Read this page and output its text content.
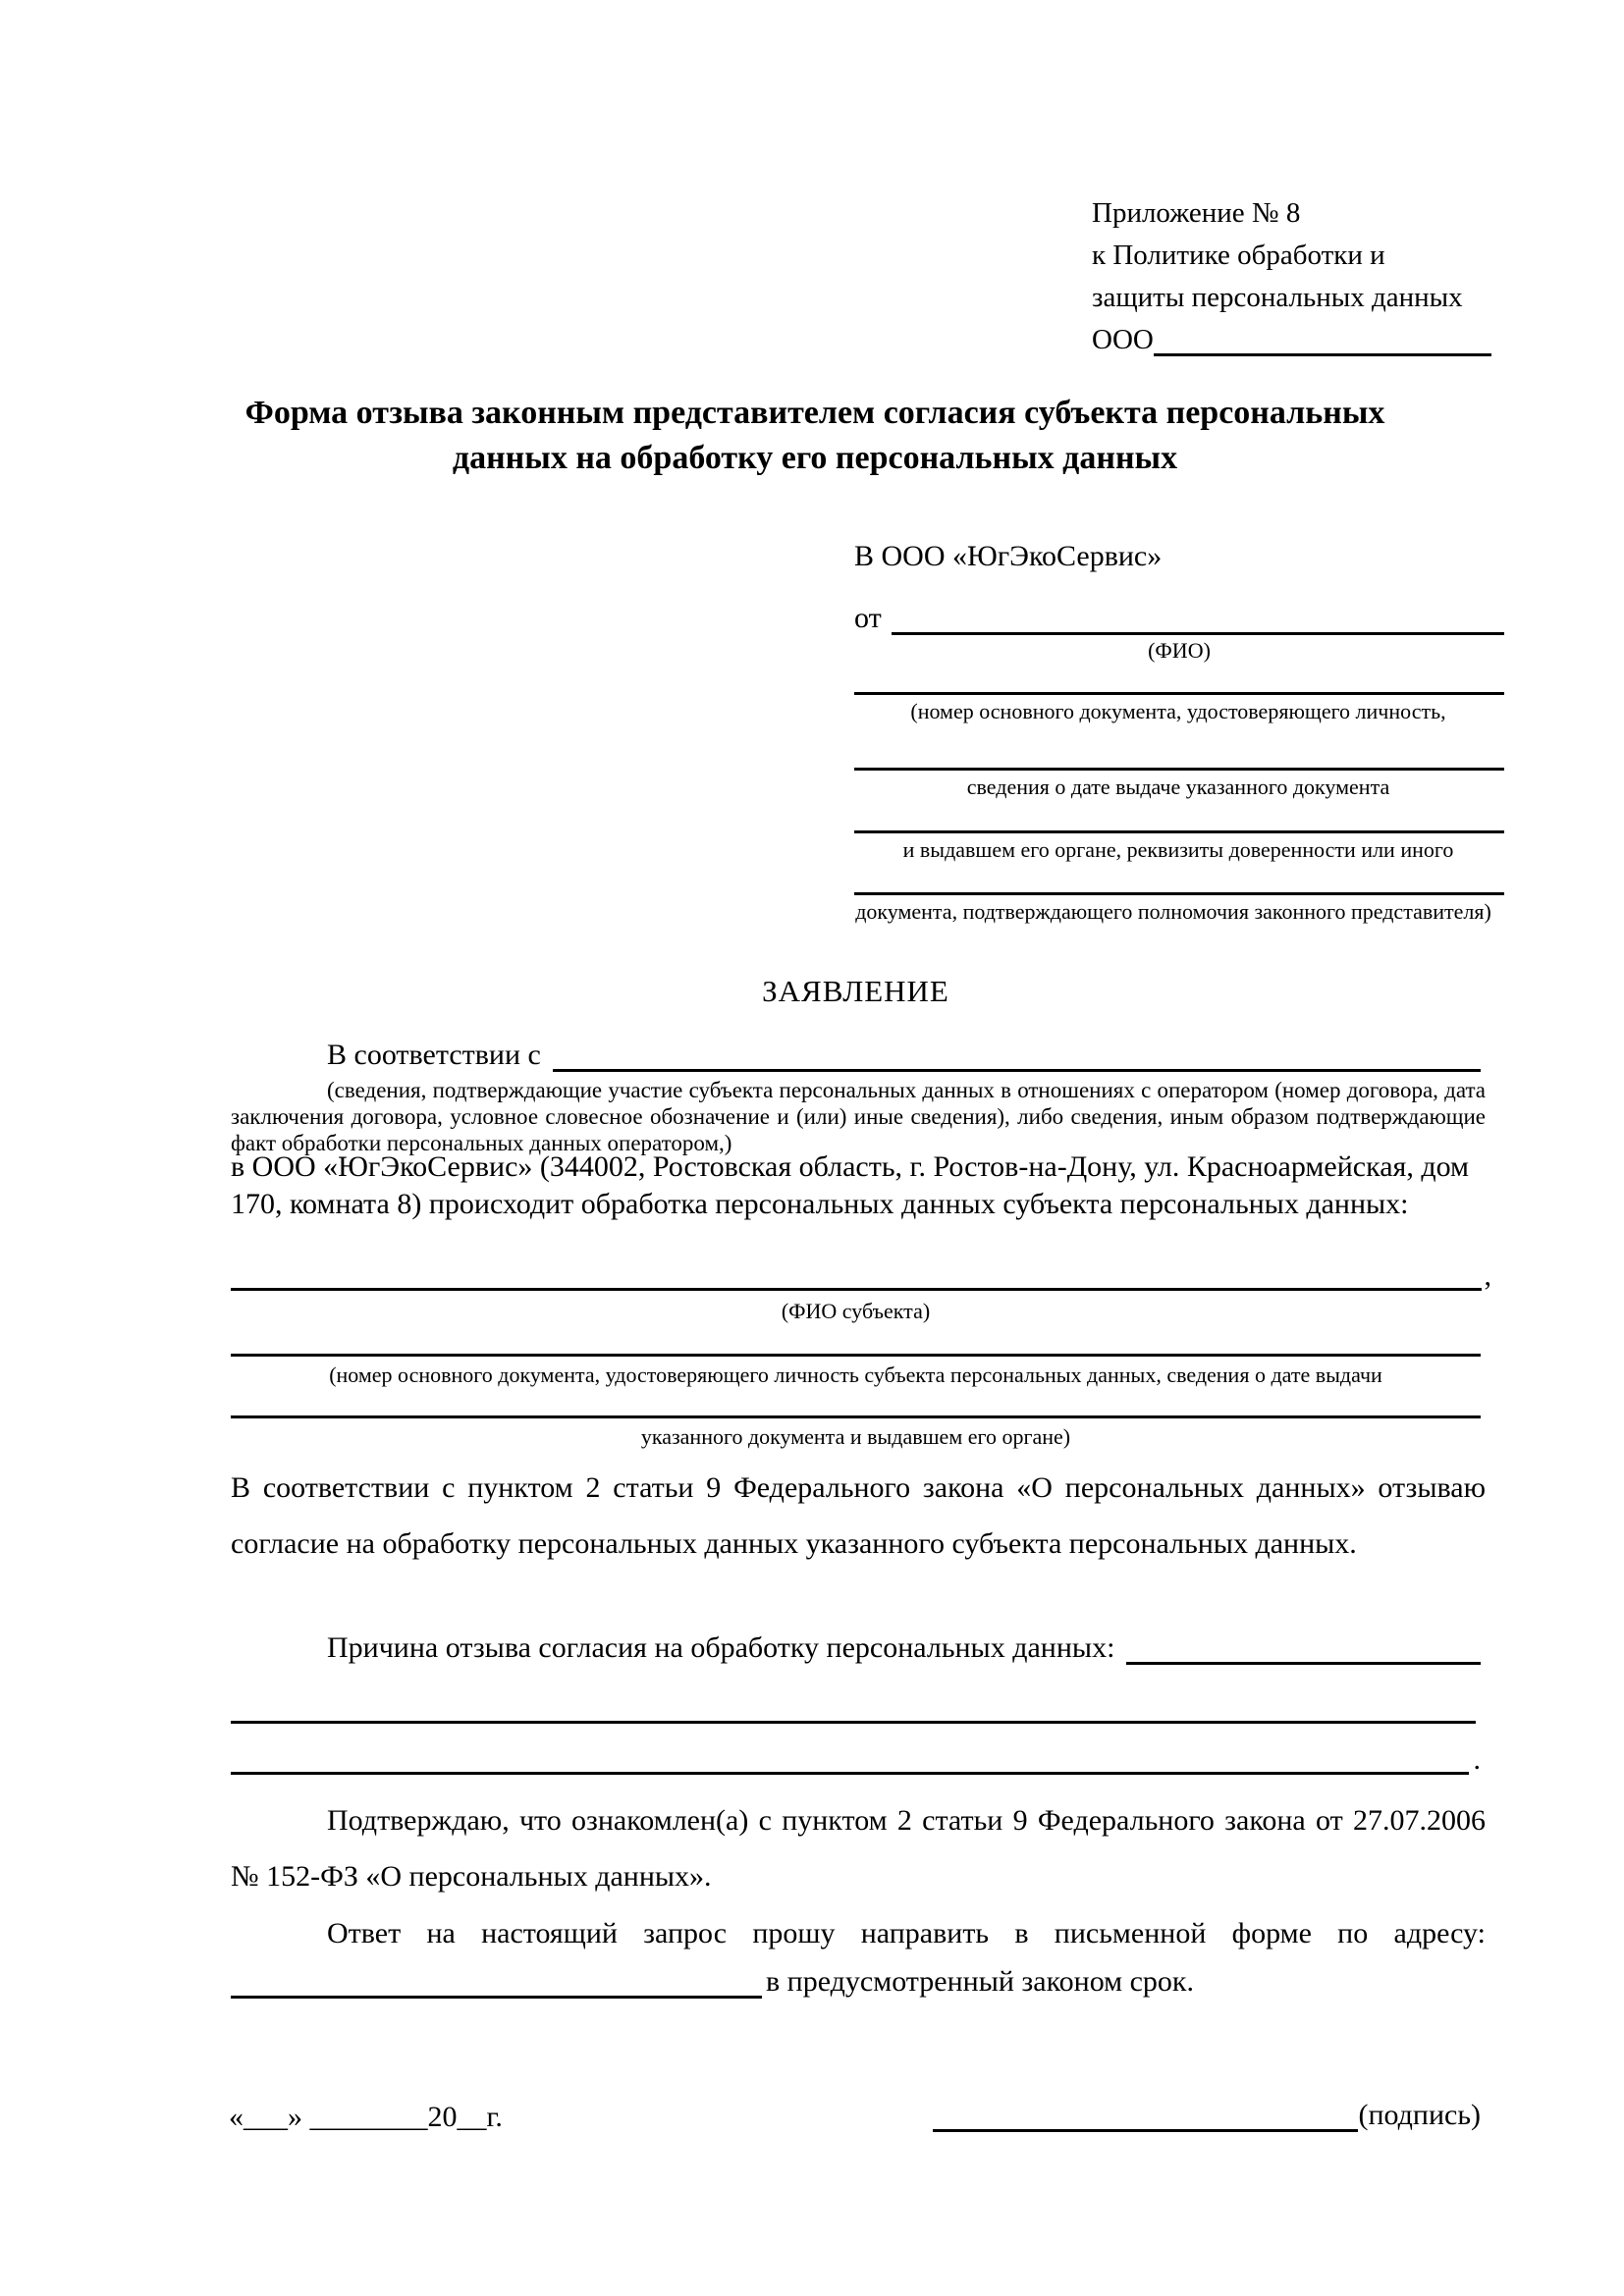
Приложение № 8
к Политике обработки и
защиты персональных данных
ООО
Форма отзыва законным представителем согласия субъекта персональных данных на обработку его персональных данных
В ООО «ЮгЭкоСервис»
от
(ФИО)
(номер основного документа, удостоверяющего личность,
сведения о дате выдаче указанного документа
и выдавшем его органе, реквизиты доверенности или иного
документа, подтверждающего полномочия законного представителя)
ЗАЯВЛЕНИЕ
В соответствии с
(сведения, подтверждающие участие субъекта персональных данных в отношениях с оператором (номер договора, дата заключения договора, условное словесное обозначение и (или) иные сведения), либо сведения, иным образом подтверждающие факт обработки персональных данных оператором,)
в ООО «ЮгЭкоСервис» (344002, Ростовская область, г. Ростов-на-Дону, ул. Красноармейская, дом 170, комната 8) происходит обработка персональных данных субъекта персональных данных:
,
(ФИО субъекта)
(номер основного документа, удостоверяющего личность субъекта персональных данных, сведения о дате выдачи
указанного документа и выдавшем его органе)
В соответствии с пунктом 2 статьи 9 Федерального закона «О персональных данных» отзываю согласие на обработку персональных данных указанного субъекта персональных данных.
Причина отзыва согласия на обработку персональных данных:
.
Подтверждаю, что ознакомлен(а) с пунктом 2 статьи 9 Федерального закона от 27.07.2006 № 152-ФЗ «О персональных данных».
Ответ на настоящий запрос прошу направить в письменной форме по адресу:
в предусмотренный законом срок.
«___» ________20__г.	(подпись)
